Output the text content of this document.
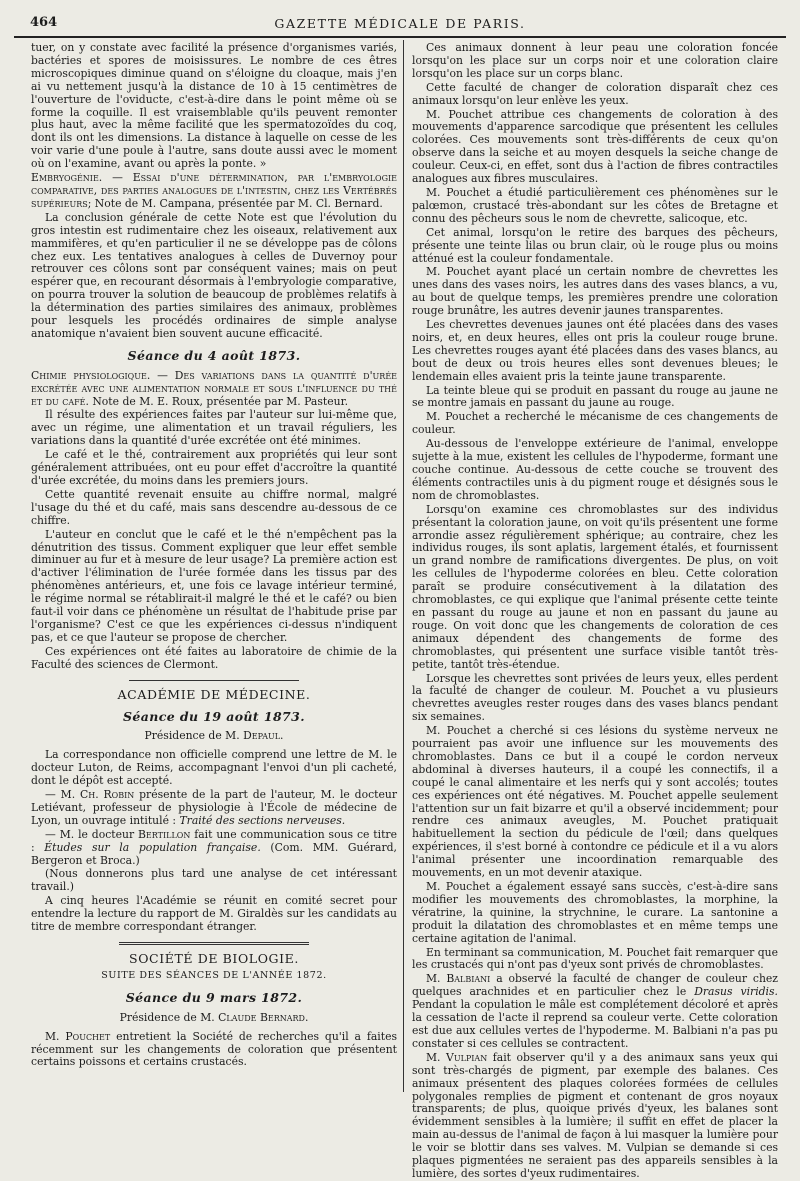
464	GAZETTE MÉDICALE DE PARIS.

tuer, on y constate avec facilité la présence d'organismes variés, bactéries et spores de moisissures. Le nombre de ces êtres microscopiques diminue quand on s'éloigne du cloaque, mais j'en ai vu nettement jusqu'à la distance de 10 à 15 centimètres de l'ouverture de l'oviducte, c'est-à-dire dans le point même où se forme la coquille. Il est vraisemblable qu'ils peuvent remonter plus haut, avec la même facilité que les spermatozoïdes du coq, dont ils ont les dimensions. La distance à laquelle on cesse de les voir varie d'une poule à l'autre, sans doute aussi avec le moment où on l'examine, avant ou après la ponte. »

Embryogénie. — Essai d'une détermination, par l'embryologie comparative, des parties analogues de l'intestin, chez les Vertébrés supérieurs; Note de M. Campana, présentée par M. Cl. Bernard.

La conclusion générale de cette Note est que l'évolution du gros intestin est rudimentaire chez les oiseaux, relativement aux mammifères, et qu'en particulier il ne se développe pas de côlons chez eux. Les tentatives analogues à celles de Duvernoy pour retrouver ces côlons sont par conséquent vaines; mais on peut espérer que, en recourant désormais à l'embryologie comparative, on pourra trouver la solution de beaucoup de problèmes relatifs à la détermination des parties similaires des animaux, problèmes pour lesquels les procédés ordinaires de simple analyse anatomique n'avaient bien souvent aucune efficacité.

Séance du 4 août 1873.

Chimie physiologique. — Des variations dans la quantité d'urée excrétée avec une alimentation normale et sous l'influence du thé et du café. Note de M. E. Roux, présentée par M. Pasteur.

Il résulte des expériences faites par l'auteur sur lui-même que, avec un régime, une alimentation et un travail réguliers, les variations dans la quantité d'urée excrétée ont été minimes.

Le café et le thé, contrairement aux propriétés qui leur sont généralement attribuées, ont eu pour effet d'accroître la quantité d'urée excrétée, du moins dans les premiers jours.

Cette quantité revenait ensuite au chiffre normal, malgré l'usage du thé et du café, mais sans descendre au-dessous de ce chiffre.

L'auteur en conclut que le café et le thé n'empêchent pas la dénutrition des tissus. Comment expliquer que leur effet semble diminuer au fur et à mesure de leur usage? La première action est d'activer l'élimination de l'urée formée dans les tissus par des phénomènes antérieurs, et, une fois ce lavage intérieur terminé, le régime normal se rétablirait-il malgré le thé et le café? ou bien faut-il voir dans ce phénomène un résultat de l'habitude prise par l'organisme? C'est ce que les expériences ci-dessus n'indiquent pas, et ce que l'auteur se propose de chercher.

Ces expériences ont été faites au laboratoire de chimie de la Faculté des sciences de Clermont.

ACADÉMIE DE MÉDECINE.
Séance du 19 août 1873.
Présidence de M. Depaul.

La correspondance non officielle comprend une lettre de M. le docteur Luton, de Reims, accompagnant l'envoi d'un pli cacheté, dont le dépôt est accepté.

— M. Ch. Robin présente de la part de l'auteur, M. le docteur Letiévant, professeur de physiologie à l'École de médecine de Lyon, un ouvrage intitulé : Traité des sections nerveuses.

— M. le docteur Bertillon fait une communication sous ce titre : Études sur la population française. (Com. MM. Guérard, Bergeron et Broca.)

(Nous donnerons plus tard une analyse de cet intéressant travail.)

A cinq heures l'Académie se réunit en comité secret pour entendre la lecture du rapport de M. Giraldès sur les candidats au titre de membre correspondant étranger.

SOCIÉTÉ DE BIOLOGIE.
SUITE DES SÉANCES DE L'ANNÉE 1872.
Séance du 9 mars 1872.
Présidence de M. Claude Bernard.

M. Pouchet entretient la Société de recherches qu'il a faites récemment sur les changements de coloration que présentent certains poissons et certains crustacés.

Ces animaux donnent à leur peau une coloration foncée lorsqu'on les place sur un corps noir et une coloration claire lorsqu'on les place sur un corps blanc.

Cette faculté de changer de coloration disparaît chez ces animaux lorsqu'on leur enlève les yeux.

M. Pouchet attribue ces changements de coloration à des mouvements d'apparence sarcodique que présentent les cellules colorées. Ces mouvements sont très-différents de ceux qu'on observe dans la seiche et au moyen desquels la seiche change de couleur. Ceux-ci, en effet, sont dus à l'action de fibres contractiles analogues aux fibres musculaires.

M. Pouchet a étudié particulièrement ces phénomènes sur le palœmon, crustacé très-abondant sur les côtes de Bretagne et connu des pêcheurs sous le nom de chevrette, salicoque, etc.

Cet animal, lorsqu'on le retire des barques des pêcheurs, présente une teinte lilas ou brun clair, où le rouge plus ou moins atténué est la couleur fondamentale.

M. Pouchet ayant placé un certain nombre de chevrettes les unes dans des vases noirs, les autres dans des vases blancs, a vu, au bout de quelque temps, les premières prendre une coloration rouge brunâtre, les autres devenir jaunes transparentes.

Les chevrettes devenues jaunes ont été placées dans des vases noirs, et, en deux heures, elles ont pris la couleur rouge brune. Les chevrettes rouges ayant été placées dans des vases blancs, au bout de deux ou trois heures elles sont devenues bleues; le lendemain elles avaient pris la teinte jaune transparente.

La teinte bleue qui se produit en passant du rouge au jaune ne se montre jamais en passant du jaune au rouge.

M. Pouchet a recherché le mécanisme de ces changements de couleur.

Au-dessous de l'enveloppe extérieure de l'animal, enveloppe sujette à la mue, existent les cellules de l'hypoderme, formant une couche continue. Au-dessous de cette couche se trouvent des éléments contractiles unis à du pigment rouge et désignés sous le nom de chromoblastes.

Lorsqu'on examine ces chromoblastes sur des individus présentant la coloration jaune, on voit qu'ils présentent une forme arrondie assez régulièrement sphérique; au contraire, chez les individus rouges, ils sont aplatis, largement étalés, et fournissent un grand nombre de ramifications divergentes. De plus, on voit les cellules de l'hypoderme colorées en bleu. Cette coloration paraît se produire consécutivement à la dilatation des chromoblastes, ce qui explique que l'animal présente cette teinte en passant du rouge au jaune et non en passant du jaune au rouge. On voit donc que les changements de coloration de ces animaux dépendent des changements de forme des chromoblastes, qui présentent une surface visible tantôt très-petite, tantôt très-étendue.

Lorsque les chevrettes sont privées de leurs yeux, elles perdent la faculté de changer de couleur. M. Pouchet a vu plusieurs chevrettes aveugles rester rouges dans des vases blancs pendant six semaines.

M. Pouchet a cherché si ces lésions du système nerveux ne pourraient pas avoir une influence sur les mouvements des chromoblastes. Dans ce but il a coupé le cordon nerveux abdominal à diverses hauteurs, il a coupé les connectifs, il a coupé le canal alimentaire et les nerfs qui y sont accolés; toutes ces expériences ont été négatives. M. Pouchet appelle seulement l'attention sur un fait bizarre et qu'il a observé incidemment; pour rendre ces animaux aveugles, M. Pouchet pratiquait habituellement la section du pédicule de l'œil; dans quelques expériences, il s'est borné à contondre ce pédicule et il a vu alors l'animal présenter une incoordination remarquable des mouvements, en un mot devenir ataxique.

M. Pouchet a également essayé sans succès, c'est-à-dire sans modifier les mouvements des chromoblastes, la morphine, la vératrine, la quinine, la strychnine, le curare. La santonine a produit la dilatation des chromoblastes et en même temps une certaine agitation de l'animal.

En terminant sa communication, M. Pouchet fait remarquer que les crustacés qui n'ont pas d'yeux sont privés de chromoblastes.

M. Balbiani a observé la faculté de changer de couleur chez quelques arachnides et en particulier chez le Drasus viridis. Pendant la copulation le mâle est complétement décoloré et après la cessation de l'acte il reprend sa couleur verte. Cette coloration est due aux cellules vertes de l'hypoderme. M. Balbiani n'a pas pu constater si ces cellules se contractent.

M. Vulpian fait observer qu'il y a des animaux sans yeux qui sont très-chargés de pigment, par exemple des balanes. Ces animaux présentent des plaques colorées formées de cellules polygonales remplies de pigment et contenant de gros noyaux transparents; de plus, quoique privés d'yeux, les balanes sont évidemment sensibles à la lumière; il suffit en effet de placer la main au-dessus de l'animal de façon à lui masquer la lumière pour le voir se blottir dans ses valves. M. Vulpian se demande si ces plaques pigmentées ne seraient pas des appareils sensibles à la lumière, des sortes d'yeux rudimentaires.
